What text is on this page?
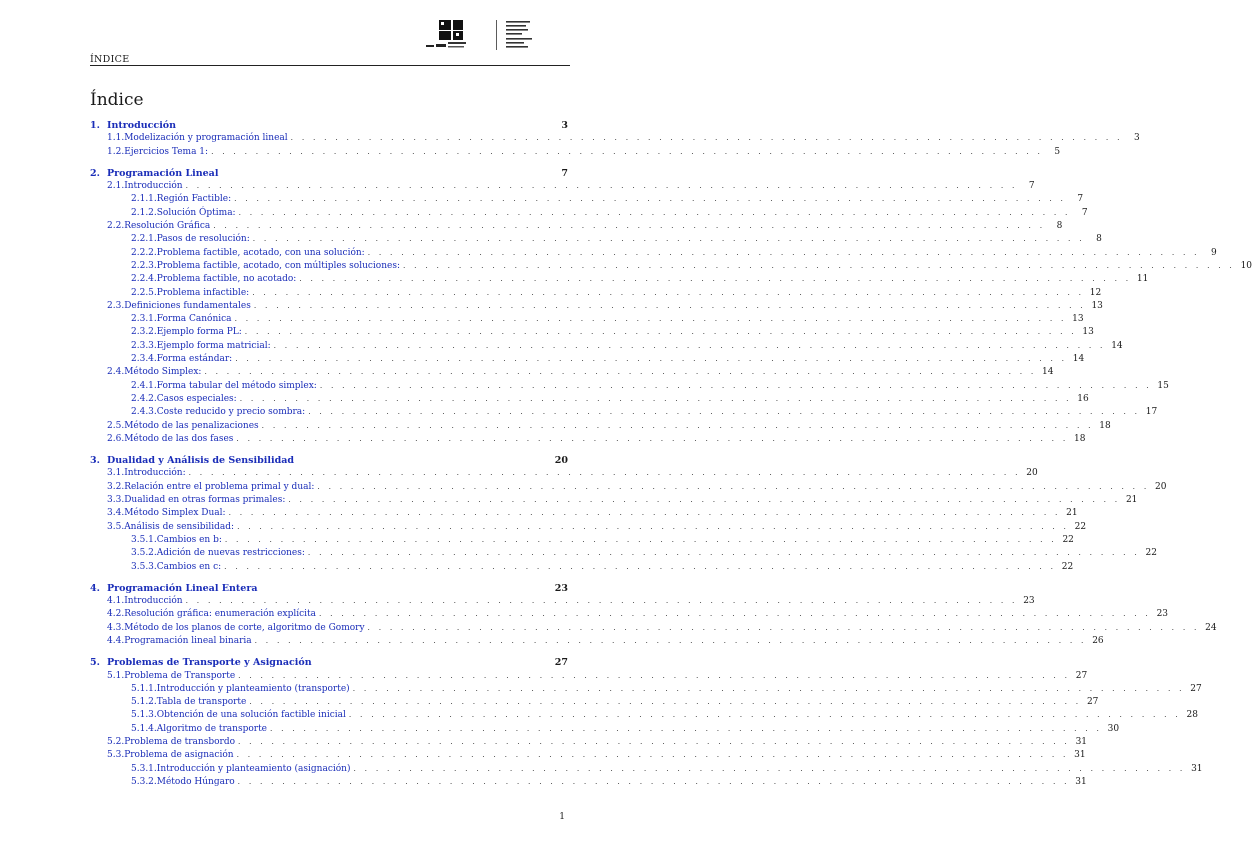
ÍNDICE
Índice
1. Introducción	3
1.1. Modelización y programación lineal . . . . . . . . . . . . . . . . . . . . . . . . . . . . . . . . . . . . . . . . . . . . . . . . . . . . . . . . . . . . . . . . . . . . . . . . . . .	3
1.2. Ejercicios Tema 1: . . . . . . . . . . . . . . . . . . . . . . . . . . . . . . . . . . . . . . . . . . . . . . . . . . . . . . . . . . . . . . . . . . . . . . . . . . .	5
2. Programación Lineal	7
2.1. Introducción . . . . . . . . . . . . . . . . . . . . . . . . . . . . . . . . . . . . . . . . . . . . . . . . . . . . . . . . . . . . . . . . . . . . . . . . . . .	7
2.1.1. Región Factible: . . . . . . . . . . . . . . . . . . . . . . . . . . . . . . . . . . . . . . . . . . . . . . . . . . . . . . . . . . . . . . . . . . . . . . . . . . .	7
2.1.2. Solución Óptima: . . . . . . . . . . . . . . . . . . . . . . . . . . . . . . . . . . . . . . . . . . . . . . . . . . . . . . . . . . . . . . . . . . . . . . . . . . .	7
2.2. Resolución Gráfica . . . . . . . . . . . . . . . . . . . . . . . . . . . . . . . . . . . . . . . . . . . . . . . . . . . . . . . . . . . . . . . . . . . . . . . . . . .	8
2.2.1. Pasos de resolución: . . . . . . . . . . . . . . . . . . . . . . . . . . . . . . . . . . . . . . . . . . . . . . . . . . . . . . . . . . . . . . . . . . . . . . . . . . .	8
2.2.2. Problema factible, acotado, con una solución: . . . . . . . . . . . . . . . . . . . . . . . . . . . . . . . . . . . . . . . . . . . . . . . . . . . . . . . . . . . . . . . . . . . . . . . . . . .	9
2.2.3. Problema factible, acotado, con múltiples soluciones: . . . . . . . . . . . . . . . . . . . . . . . . . . . . . . . . . . . . . . . . . . . . . . . . . . . . . . . . . . . . . . . . . . . . . . . . . . . 10
2.2.4. Problema factible, no acotado: . . . . . . . . . . . . . . . . . . . . . . . . . . . . . . . . . . . . . . . . . . . . . . . . . . . . . . . . . . . . . . . . . . . . . . . . . . . 11
2.2.5. Problema infactible: . . . . . . . . . . . . . . . . . . . . . . . . . . . . . . . . . . . . . . . . . . . . . . . . . . . . . . . . . . . . . . . . . . . . . . . . . . . 12
2.3. Definiciones fundamentales . . . . . . . . . . . . . . . . . . . . . . . . . . . . . . . . . . . . . . . . . . . . . . . . . . . . . . . . . . . . . . . . . . . . . . . . . . . 13
2.3.1. Forma Canónica . . . . . . . . . . . . . . . . . . . . . . . . . . . . . . . . . . . . . . . . . . . . . . . . . . . . . . . . . . . . . . . . . . . . . . . . . . . 13
2.3.2. Ejemplo forma PL: . . . . . . . . . . . . . . . . . . . . . . . . . . . . . . . . . . . . . . . . . . . . . . . . . . . . . . . . . . . . . . . . . . . . . . . . . . . 13
2.3.3. Ejemplo forma matricial: . . . . . . . . . . . . . . . . . . . . . . . . . . . . . . . . . . . . . . . . . . . . . . . . . . . . . . . . . . . . . . . . . . . . . . . . . . . 14
2.3.4. Forma estándar: . . . . . . . . . . . . . . . . . . . . . . . . . . . . . . . . . . . . . . . . . . . . . . . . . . . . . . . . . . . . . . . . . . . . . . . . . . . 14
2.4. Método Simplex: . . . . . . . . . . . . . . . . . . . . . . . . . . . . . . . . . . . . . . . . . . . . . . . . . . . . . . . . . . . . . . . . . . . . . . . . . . . 14
2.4.1. Forma tabular del método simplex: . . . . . . . . . . . . . . . . . . . . . . . . . . . . . . . . . . . . . . . . . . . . . . . . . . . . . . . . . . . . . . . . . . . . . . . . . . . 15
2.4.2. Casos especiales: . . . . . . . . . . . . . . . . . . . . . . . . . . . . . . . . . . . . . . . . . . . . . . . . . . . . . . . . . . . . . . . . . . . . . . . . . . . 16
2.4.3. Coste reducido y precio sombra: . . . . . . . . . . . . . . . . . . . . . . . . . . . . . . . . . . . . . . . . . . . . . . . . . . . . . . . . . . . . . . . . . . . . . . . . . . . 17
2.5. Método de las penalizaciones . . . . . . . . . . . . . . . . . . . . . . . . . . . . . . . . . . . . . . . . . . . . . . . . . . . . . . . . . . . . . . . . . . . . . . . . . . . 18
2.6. Método de las dos fases . . . . . . . . . . . . . . . . . . . . . . . . . . . . . . . . . . . . . . . . . . . . . . . . . . . . . . . . . . . . . . . . . . . . . . . . . . . 18
3. Dualidad y Análisis de Sensibilidad	20
3.1. Introducción: . . . . . . . . . . . . . . . . . . . . . . . . . . . . . . . . . . . . . . . . . . . . . . . . . . . . . . . . . . . . . . . . . . . . . . . . . . . 20
3.2. Relación entre el problema primal y dual: . . . . . . . . . . . . . . . . . . . . . . . . . . . . . . . . . . . . . . . . . . . . . . . . . . . . . . . . . . . . . . . . . . . . . . . . . . . 20
3.3. Dualidad en otras formas primales: . . . . . . . . . . . . . . . . . . . . . . . . . . . . . . . . . . . . . . . . . . . . . . . . . . . . . . . . . . . . . . . . . . . . . . . . . . . 21
3.4. Método Simplex Dual: . . . . . . . . . . . . . . . . . . . . . . . . . . . . . . . . . . . . . . . . . . . . . . . . . . . . . . . . . . . . . . . . . . . . . . . . . . . 21
3.5. Análisis de sensibilidad: . . . . . . . . . . . . . . . . . . . . . . . . . . . . . . . . . . . . . . . . . . . . . . . . . . . . . . . . . . . . . . . . . . . . . . . . . . . 22
3.5.1. Cambios en b: . . . . . . . . . . . . . . . . . . . . . . . . . . . . . . . . . . . . . . . . . . . . . . . . . . . . . . . . . . . . . . . . . . . . . . . . . . . 22
3.5.2. Adición de nuevas restricciones: . . . . . . . . . . . . . . . . . . . . . . . . . . . . . . . . . . . . . . . . . . . . . . . . . . . . . . . . . . . . . . . . . . . . . . . . . . . 22
3.5.3. Cambios en c: . . . . . . . . . . . . . . . . . . . . . . . . . . . . . . . . . . . . . . . . . . . . . . . . . . . . . . . . . . . . . . . . . . . . . . . . . . . 22
4. Programación Lineal Entera	23
4.1. Introducción . . . . . . . . . . . . . . . . . . . . . . . . . . . . . . . . . . . . . . . . . . . . . . . . . . . . . . . . . . . . . . . . . . . . . . . . . . . 23
4.2. Resolución gráfica: enumeración explícita . . . . . . . . . . . . . . . . . . . . . . . . . . . . . . . . . . . . . . . . . . . . . . . . . . . . . . . . . . . . . . . . . . . . . . . . . . . 23
4.3. Método de los planos de corte, algoritmo de Gomory . . . . . . . . . . . . . . . . . . . . . . . . . . . . . . . . . . . . . . . . . . . . . . . . . . . . . . . . . . . . . . . . . . . . . . . . . . . 24
4.4. Programación lineal binaria . . . . . . . . . . . . . . . . . . . . . . . . . . . . . . . . . . . . . . . . . . . . . . . . . . . . . . . . . . . . . . . . . . . . . . . . . . . 26
5. Problemas de Transporte y Asignación	27
5.1. Problema de Transporte . . . . . . . . . . . . . . . . . . . . . . . . . . . . . . . . . . . . . . . . . . . . . . . . . . . . . . . . . . . . . . . . . . . . . . . . . . . 27
5.1.1. Introducción y planteamiento (transporte) . . . . . . . . . . . . . . . . . . . . . . . . . . . . . . . . . . . . . . . . . . . . . . . . . . . . . . . . . . . . . . . . . . . . . . . . . . . 27
5.1.2. Tabla de transporte . . . . . . . . . . . . . . . . . . . . . . . . . . . . . . . . . . . . . . . . . . . . . . . . . . . . . . . . . . . . . . . . . . . . . . . . . . . 27
5.1.3. Obtención de una solución factible inicial . . . . . . . . . . . . . . . . . . . . . . . . . . . . . . . . . . . . . . . . . . . . . . . . . . . . . . . . . . . . . . . . . . . . . . . . . . . 28
5.1.4. Algoritmo de transporte . . . . . . . . . . . . . . . . . . . . . . . . . . . . . . . . . . . . . . . . . . . . . . . . . . . . . . . . . . . . . . . . . . . . . . . . . . . 30
5.2. Problema de transbordo . . . . . . . . . . . . . . . . . . . . . . . . . . . . . . . . . . . . . . . . . . . . . . . . . . . . . . . . . . . . . . . . . . . . . . . . . . . 31
5.3. Problema de asignación . . . . . . . . . . . . . . . . . . . . . . . . . . . . . . . . . . . . . . . . . . . . . . . . . . . . . . . . . . . . . . . . . . . . . . . . . . . 31
5.3.1. Introducción y planteamiento (asignación) . . . . . . . . . . . . . . . . . . . . . . . . . . . . . . . . . . . . . . . . . . . . . . . . . . . . . . . . . . . . . . . . . . . . . . . . . . . 31
5.3.2. Método Húngaro . . . . . . . . . . . . . . . . . . . . . . . . . . . . . . . . . . . . . . . . . . . . . . . . . . . . . . . . . . . . . . . . . . . . . . . . . . . 31
1
